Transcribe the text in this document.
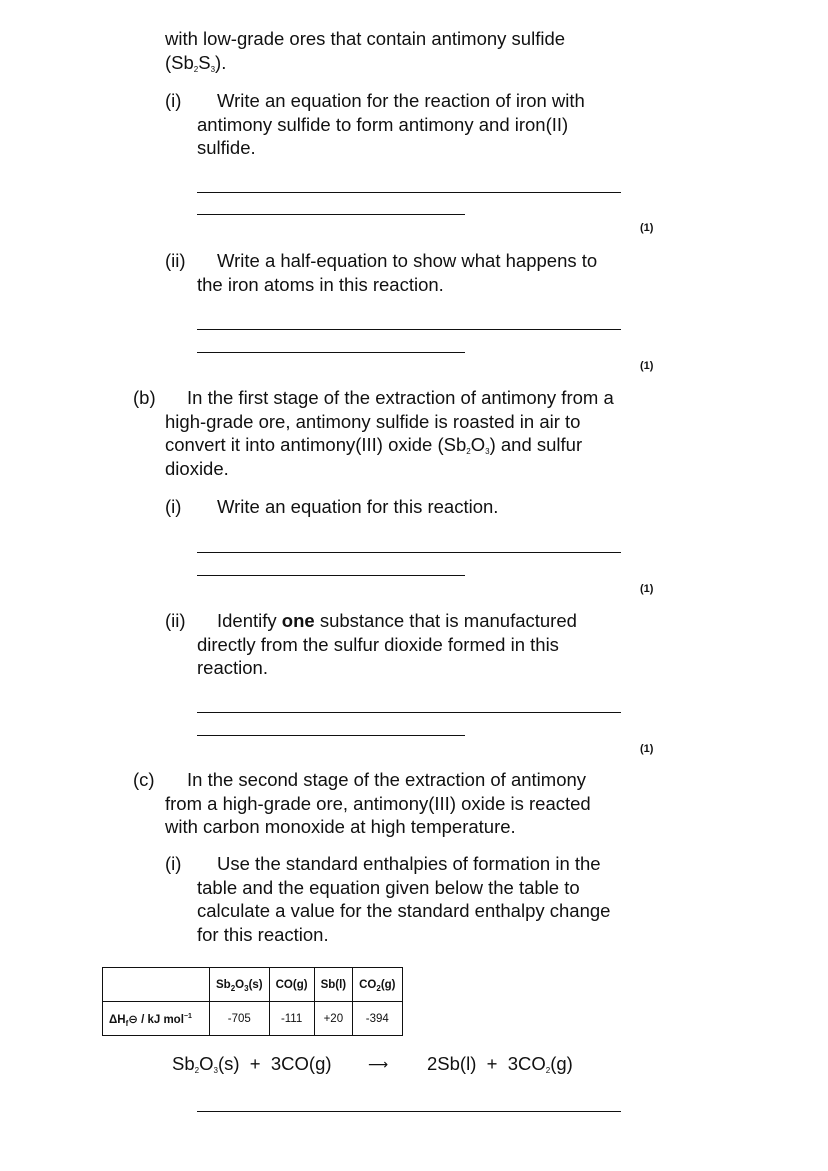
with low-grade ores that contain antimony sulfide
$(Sb_2S_3)$.
(i)	Write an equation for the reaction of iron with antimony sulfide to form antimony and iron(II) sulfide.
(1)
(ii)	Write a half-equation to show what happens to the iron atoms in this reaction.
(1)
(b)	In the first stage of the extraction of antimony from a high-grade ore, antimony sulfide is roasted in air to convert it into antimony(III) oxide $(Sb_2O_3)$ and sulfur dioxide.
(i) Write an equation for this reaction.
(1)
(ii)	Identify one substance that is manufactured directly from the sulfur dioxide formed in this reaction.
(1)
(c)	In the second stage of the extraction of antimony from a high-grade ore, antimony(III) oxide is reacted with carbon monoxide at high temperature.
(i)	Use the standard enthalpies of formation in the table and the equation given below the table to calculate a value for the standard enthalpy change for this reaction.
	$Sb_2O_3(s)$	CO(g)	Sb(l)	$CO_2(g)$
$\Delta H_f⊖$ / kJ mol$^{-1}$	-705	-111	+20	-394
$Sb_2O_3(s) + 3CO(g)$	⟶ $2Sb(l) + 3CO_2(g)$
